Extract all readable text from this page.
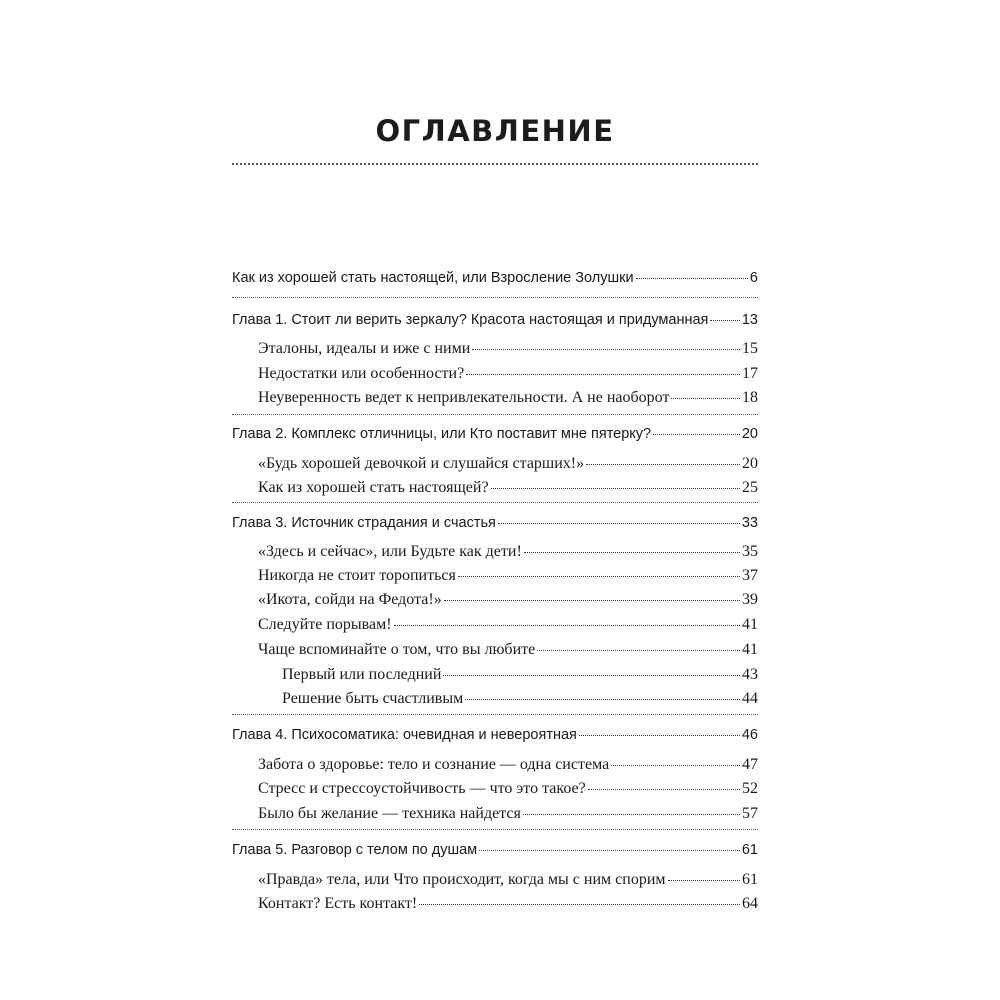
ОГЛАВЛЕНИЕ
Как из хорошей стать настоящей, или Взросление Золушки	6
Глава 1. Стоит ли верить зеркалу? Красота настоящая и придуманная 13
Эталоны, идеалы и иже с ними	15
Недостатки или особенности?	17
Неуверенность ведет к непривлекательности. А не наоборот	18
Глава 2. Комплекс отличницы, или Кто поставит мне пятерку?	20
«Будь хорошей девочкой и слушайся старших!»	20
Как из хорошей стать настоящей?	25
Глава 3. Источник страдания и счастья	33
«Здесь и сейчас», или Будьте как дети!	35
Никогда не стоит торопиться	37
«Икота, сойди на Федота!»	39
Следуйте порывам!	41
Чаще вспоминайте о том, что вы любите	41
Первый или последний	43
Решение быть счастливым	44
Глава 4. Психосоматика: очевидная и невероятная	46
Забота о здоровье: тело и сознание — одна система	47
Стресс и стрессоустойчивость — что это такое?	52
Было бы желание — техника найдется	57
Глава 5. Разговор с телом по душам	61
«Правда» тела, или Что происходит, когда мы с ним спорим	61
Контакт? Есть контакт!	64
